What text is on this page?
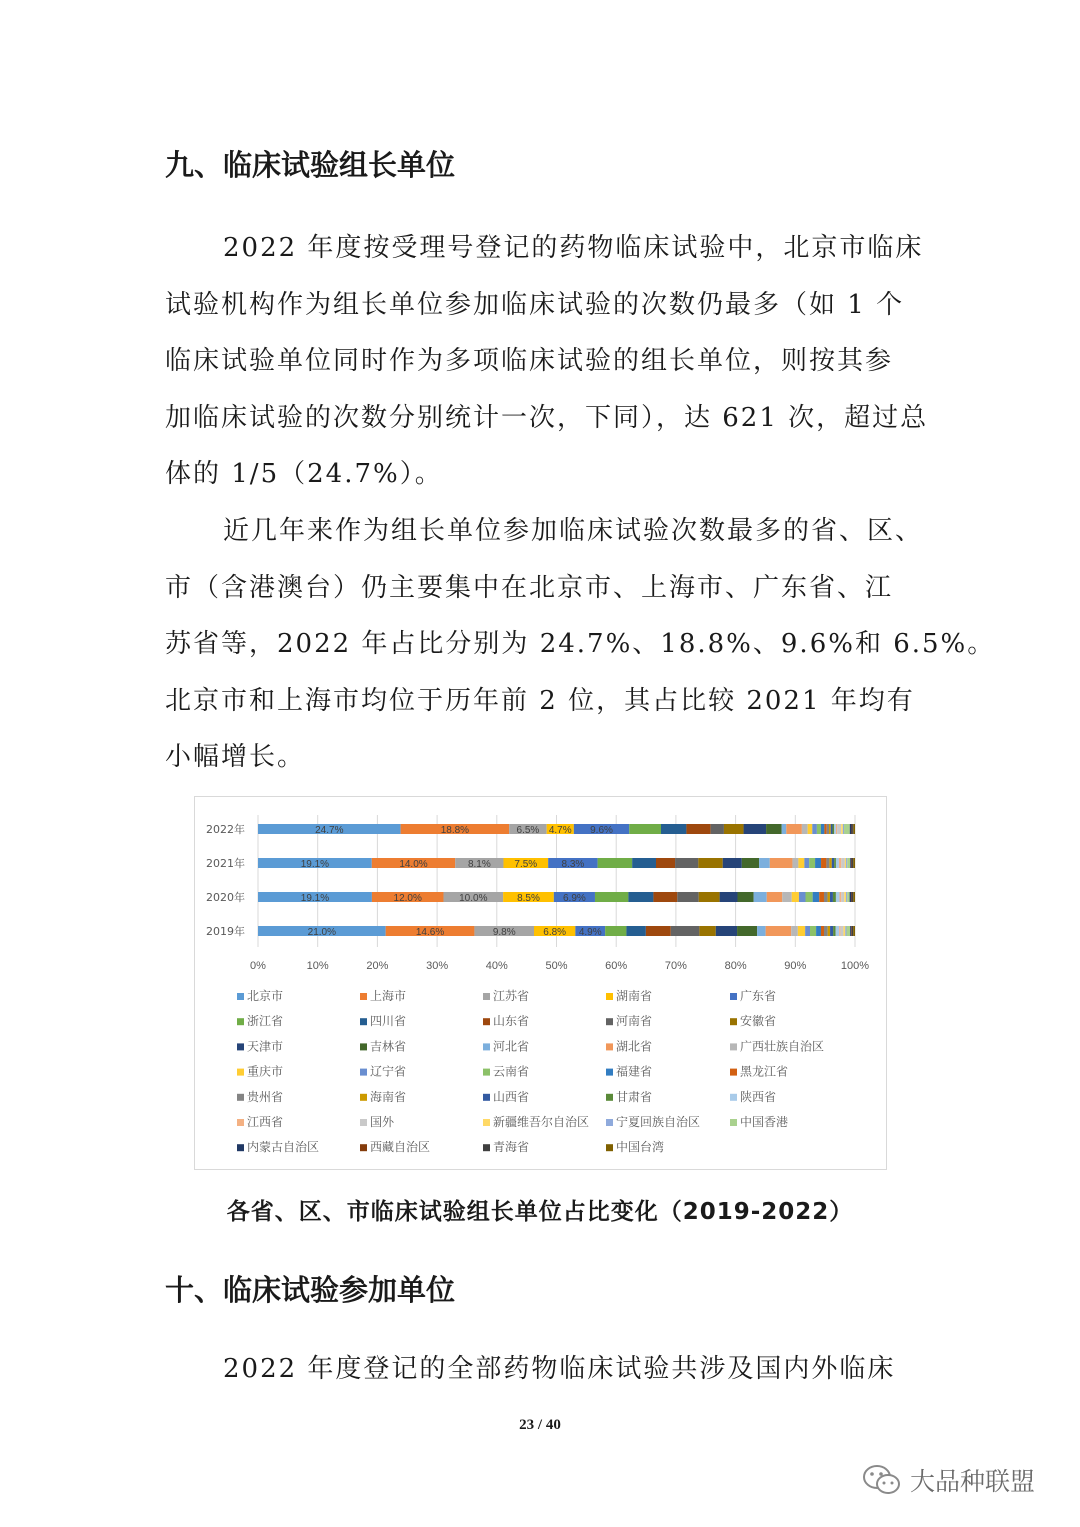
九、临床试验组长单位
2022 年度按受理号登记的药物临床试验中，北京市临床
试验机构作为组长单位参加临床试验的次数仍最多（如 1 个
临床试验单位同时作为多项临床试验的组长单位，则按其参
加临床试验的次数分别统计一次，下同），达 621 次，超过总
体的 1/5（24.7%）。
近几年来作为组长单位参加临床试验次数最多的省、区、
市（含港澳台）仍主要集中在北京市、上海市、广东省、江
苏省等，2022 年占比分别为 24.7%、18.8%、9.6%和 6.5%。
北京市和上海市均位于历年前 2 位，其占比较 2021 年均有
小幅增长。
0%	10%	20%	30%	40%	50%	60%	70%	80%	90%	100%
2022年
2021年
2020年
2019年
24.7%	18.8%	6.5% 4.7% 9.6%
19.1%	14.0%	8.1% 7.5% 8.3%
19.1%	12.0%	10.0%	8.5% 6.9%
21.0%	14.6%	9.8%	6.8% 4.9%
北京市	上海市	江苏省	湖南省	广东省
浙江省	四川省	山东省	河南省	安徽省
天津市	吉林省	河北省	湖北省	广西壮族自治区
重庆市	辽宁省	云南省	福建省	黑龙江省
贵州省	海南省	山西省	甘肃省	陕西省
江西省	国外	新疆维吾尔自治区 宁夏回族自治区	中国香港
内蒙古自治区	西藏自治区	青海省	中国台湾
各省、区、市临床试验组长单位占比变化（2019-2022）
十、临床试验参加单位
2022 年度登记的全部药物临床试验共涉及国内外临床
23 / 40
大品种联盟
